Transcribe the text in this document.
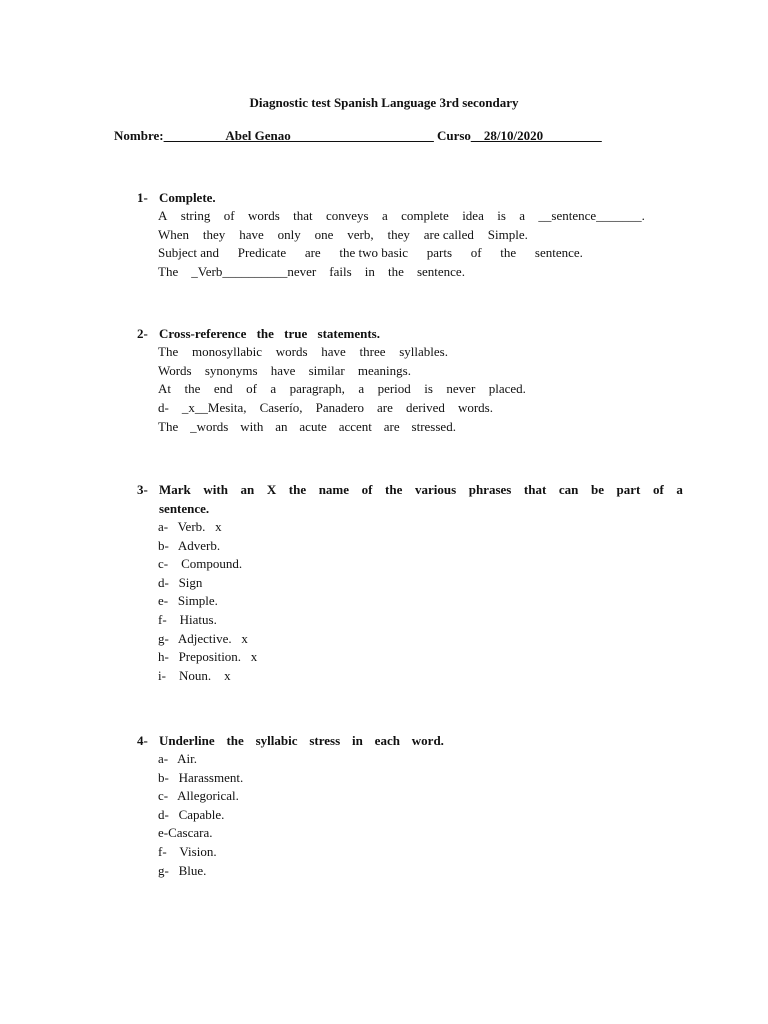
Diagnostic test Spanish Language 3rd secondary
Nombre: _________Abel Genao______________________ Curso__28/10/2020_________
1- Complete.
A string of words that conveys a complete idea is a __sentence_______.
When they have only one verb, they are called Simple.
Subject and Predicate are the two basic parts of the sentence.
The _Verb__________never fails in the sentence.
2- Cross-reference the true statements.
The monosyllabic words have three syllables.
Words synonyms have similar meanings.
At the end of a paragraph, a period is never placed.
d- _x__Mesita, Caserío, Panadero are derived words.
The _words with an acute accent are stressed.
3- Mark with an X the name of the various phrases that can be part of a
sentence.
a-   Verb.   x
b-   Adverb.
c-    Compound.
d-   Sign
e-   Simple.
f-    Hiatus.
g-   Adjective.   x
h-   Preposition.   x
i-    Noun.    x
4- Underline the syllabic stress in each word.
a-   Air.
b-   Harassment.
c-   Allegorical.
d-   Capable.
e-Cascara.
f-    Vision.
g-   Blue.
